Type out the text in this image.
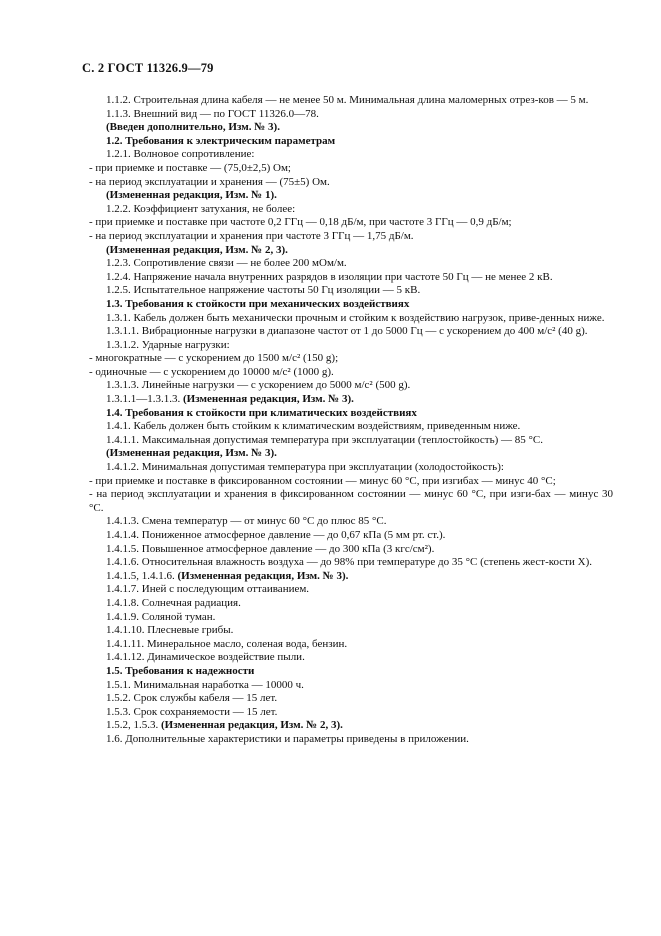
С. 2 ГОСТ 11326.9—79

1.1.2. Строительная длина кабеля — не менее 50 м. Минимальная длина маломерных отрез-ков — 5 м.

1.1.3. Внешний вид — по ГОСТ 11326.0—78.

(Введен дополнительно, Изм. № 3).

1.2. Требования к электрическим параметрам

1.2.1. Волновое сопротивление:

- при приемке и поставке — (75,0±2,5) Ом;

- на период эксплуатации и хранения — (75±5) Ом.

(Измененная редакция, Изм. № 1).

1.2.2. Коэффициент затухания, не более:

- при приемке и поставке при частоте 0,2 ГГц — 0,18 дБ/м, при частоте 3 ГГц — 0,9 дБ/м;

- на период эксплуатации и хранения при частоте 3 ГГц — 1,75 дБ/м.

(Измененная редакция, Изм. № 2, 3).

1.2.3. Сопротивление связи — не более 200 мОм/м.

1.2.4. Напряжение начала внутренних разрядов в изоляции при частоте 50 Гц — не менее 2 кВ.

1.2.5. Испытательное напряжение частоты 50 Гц изоляции — 5 кВ.

1.3. Требования к стойкости при механических воздействиях

1.3.1. Кабель должен быть механически прочным и стойким к воздействию нагрузок, приве-денных ниже.

1.3.1.1. Вибрационные нагрузки в диапазоне частот от 1 до 5000 Гц — с ускорением до 400 м/с² (40 g).

1.3.1.2. Ударные нагрузки:

- многократные — с ускорением до 1500 м/с² (150 g);

- одиночные — с ускорением до 10000 м/с² (1000 g).

1.3.1.3. Линейные нагрузки — с ускорением до 5000 м/с² (500 g).

1.3.1.1—1.3.1.3. (Измененная редакция, Изм. № 3).

1.4. Требования к стойкости при климатических воздействиях

1.4.1. Кабель должен быть стойким к климатическим воздействиям, приведенным ниже.

1.4.1.1. Максимальная допустимая температура при эксплуатации (теплостойкость) — 85 °С.

(Измененная редакция, Изм. № 3).

1.4.1.2. Минимальная допустимая температура при эксплуатации (холодостойкость):

- при приемке и поставке в фиксированном состоянии — минус 60 °С, при изгибах — минус 40 °С;

- на период эксплуатации и хранения в фиксированном состоянии — минус 60 °С, при изги-бах — минус 30 °С.

1.4.1.3. Смена температур — от минус 60 °С до плюс 85 °С.

1.4.1.4. Пониженное атмосферное давление — до 0,67 кПа (5 мм рт. ст.).

1.4.1.5. Повышенное атмосферное давление — до 300 кПа (3 кгс/см²).

1.4.1.6. Относительная влажность воздуха — до 98% при температуре до 35 °С (степень жест-кости X).

1.4.1.5, 1.4.1.6. (Измененная редакция, Изм. № 3).

1.4.1.7. Иней с последующим оттаиванием.

1.4.1.8. Солнечная радиация.

1.4.1.9. Соляной туман.

1.4.1.10. Плесневые грибы.

1.4.1.11. Минеральное масло, соленая вода, бензин.

1.4.1.12. Динамическое воздействие пыли.

1.5. Требования к надежности

1.5.1. Минимальная наработка — 10000 ч.

1.5.2. Срок службы кабеля — 15 лет.

1.5.3. Срок сохраняемости — 15 лет.

1.5.2, 1.5.3. (Измененная редакция, Изм. № 2, 3).

1.6. Дополнительные характеристики и параметры приведены в приложении.
